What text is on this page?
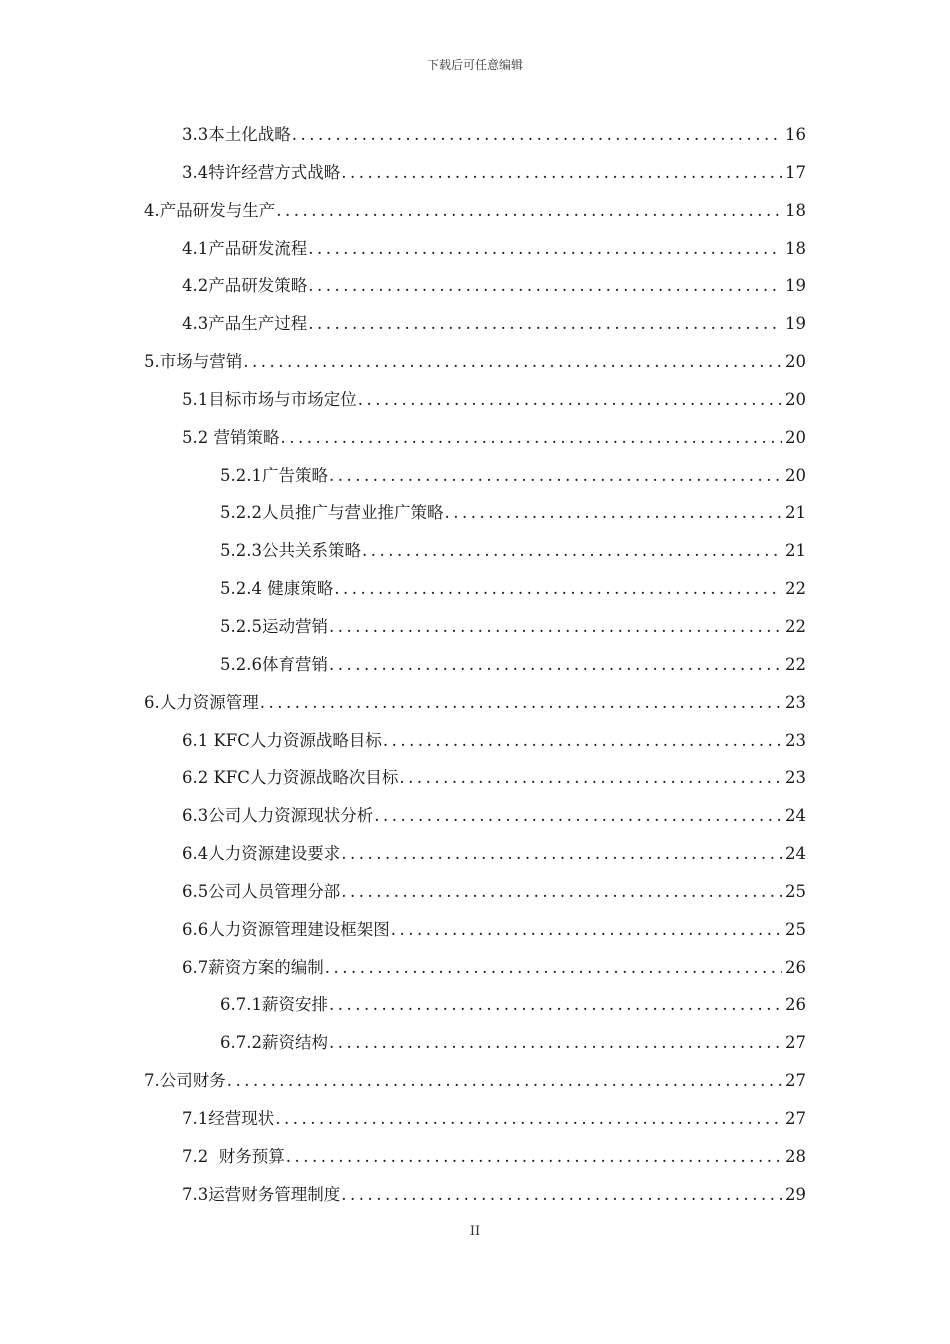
下载后可任意编辑
3.3本土化战略 .....	16
3.4特许经营方式战略 .....	17
4.产品研发与生产 .....	18
4.1产品研发流程 .....	18
4.2产品研发策略 .....	19
4.3产品生产过程 .....	19
5.市场与营销 .....	20
5.1目标市场与市场定位 .....	20
5.2 营销策略 .....	20
5.2.1广告策略 .....	20
5.2.2人员推广与营业推广策略 .....	21
5.2.3公共关系策略 .....	21
5.2.4 健康策略 .....	22
5.2.5运动营销 .....	22
5.2.6体育营销 .....	22
6.人力资源管理 .....	23
6.1 KFC人力资源战略目标 .....	23
6.2 KFC人力资源战略次目标 .....	23
6.3公司人力资源现状分析 .....	24
6.4人力资源建设要求 .....	24
6.5公司人员管理分部 .....	25
6.6人力资源管理建设框架图 .....	25
6.7薪资方案的编制 .....	26
6.7.1薪资安排 .....	26
6.7.2薪资结构 .....	27
7.公司财务 .....	27
7.1经营现状 .....	27
7.2  财务预算 .....	28
7.3运营财务管理制度 .....	29
II
